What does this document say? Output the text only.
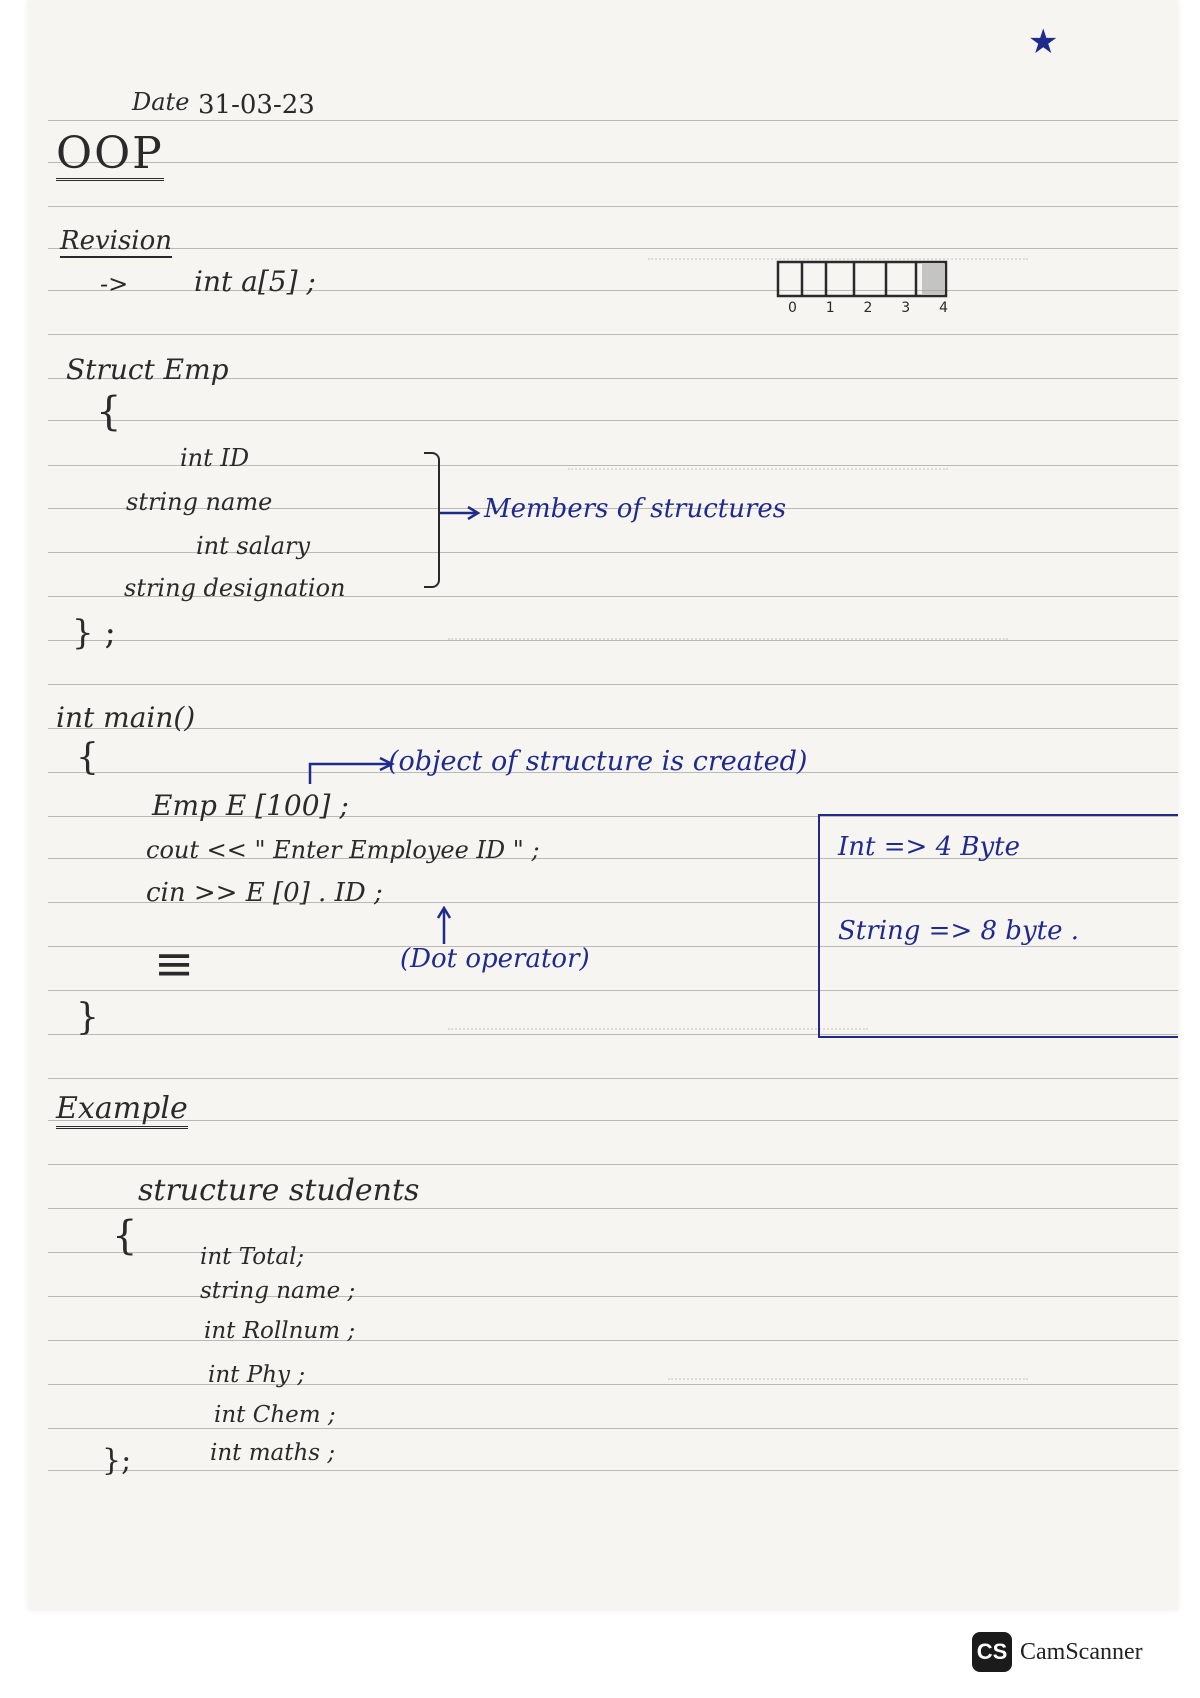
Date 31-03-23
OOP
★
Revision
-> int a[5] ;
0 1 2 3 4
Struct Emp
{
int ID
string name
int salary
string designation
} ;
Members of structures
int main()
{	(object of structure is created)
Emp E [100] ;
cout << " Enter Employee ID " ;
cin >> E [0] . ID ;
(Dot operator)
≡
}
Int => 4 Byte
String => 8 byte .
Example
structure students
{	int Total;
string name ;
int Rollnum ;
int Phy ;
int Chem ;
int maths ;
};
CS CamScanner
